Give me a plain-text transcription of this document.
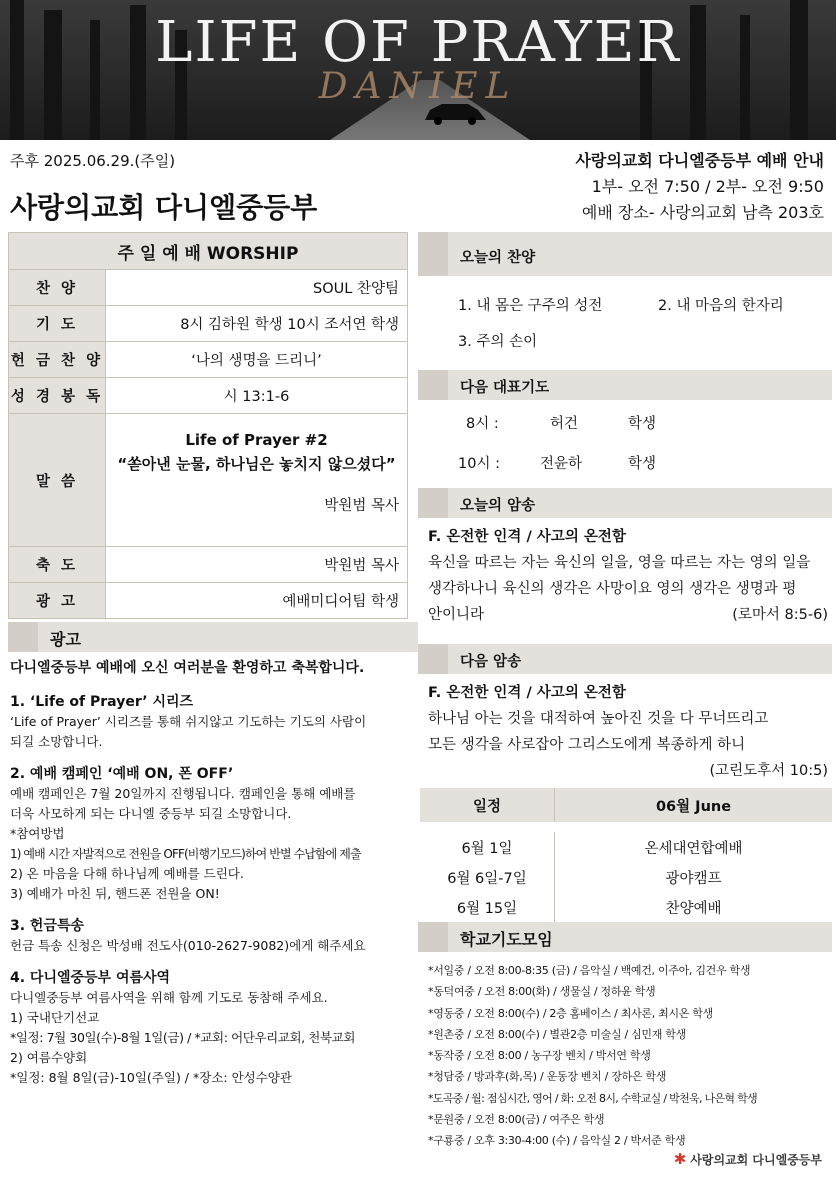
LIFE OF PRAYER
DANIEL
주후 2025.06.29.(주일)
사랑의교회 다니엘중등부
사랑의교회 다니엘중등부 예배 안내
1부- 오전 7:50 / 2부- 오전 9:50
예배 장소- 사랑의교회 남측 203호
주 일 예 배 WORSHIP	
찬 양	SOUL 찬양팀
기 도	8시 김하원 학생 10시 조서연 학생
헌 금 찬 양	‘나의 생명을 드리니’
성 경 봉 독	시 13:1-6
말 씀	Life of Prayer #2
“쏟아낸 눈물, 하나님은 놓치지 않으셨다”
박원범 목사

축 도	박원범 목사
광 고	예배미디어팀 학생
광고
다니엘중등부 예배에 오신 여러분을 환영하고 축복합니다.
1. ‘Life of Prayer’ 시리즈

‘Life of Prayer’ 시리즈를 통해 쉬지않고 기도하는 기도의 사람이

되길 소망합니다.

2. 예배 캠페인 ‘예배 ON, 폰 OFF’

예배 캠페인은 7월 20일까지 진행됩니다. 캠페인을 통해 예배를

더욱 사모하게 되는 다니엘 중등부 되길 소망합니다.

*참여방법

1) 예배 시간 자발적으로 전원을 OFF(비행기모드)하여 반별 수납함에 제출

2) 온 마음을 다해 하나님께 예배를 드린다.

3) 예배가 마친 뒤, 핸드폰 전원을 ON!

3. 헌금특송

헌금 특송 신청은 박성배 전도사(010-2627-9082)에게 해주세요

4. 다니엘중등부 여름사역

다니엘중등부 여름사역을 위해 함께 기도로 동참해 주세요.

1) 국내단기선교

*일정: 7월 30일(수)-8월 1일(금) / *교회: 어단우리교회, 천북교회

2) 여름수양회

*일정: 8월 8일(금)-10일(주일) / *장소: 안성수양관

오늘의 찬양
1. 내 몸은 구주의 성전	2. 내 마음의 한자리
3. 주의 손이
다음 대표기도
8시 :	허건	학생
10시 :	전윤하	학생
오늘의 암송
F. 온전한 인격 / 사고의 온전함
육신을 따르는 자는 육신의 일을, 영을 따르는 자는 영의 일을
생각하나니 육신의 생각은 사망이요 영의 생각은 생명과 평
안이니라	(로마서 8:5-6)
다음 암송
F. 온전한 인격 / 사고의 온전함
하나님 아는 것을 대적하여 높아진 것을 다 무너뜨리고
모든 생각을 사로잡아 그리스도에게 복종하게 하니
(고린도후서 10:5)
일정	06월 June

6월 1일	온세대연합예배
6월 6일-7일	광야캠프
6월 15일	찬양예배
학교기도모임
*서일중 / 오전 8:00-8:35 (금) / 음악실 / 백예건, 이주아, 김건우 학생
*동덕여중 / 오전 8:00(화) / 생물실 / 정하윤 학생
*영동중 / 오전 8:00(수) / 2층 홈베이스 / 최사론, 최시온 학생
*원촌중 / 오전 8:00(수) / 별관2층 미술실 / 심민재 학생
*동작중 / 오전 8:00 / 농구장 벤치 / 박서연 학생
*청담중 / 방과후(화,목) / 운동장 벤치 / 장하은 학생
*도곡중 / 월: 점심시간, 영어 / 화: 오전 8시, 수학교실 / 박천욱, 나은혁 학생
*문원중 / 오전 8:00(금) / 여주은 학생
*구룡중 / 오후 3:30-4:00 (수) / 음악실 2 / 박서준 학생
✱ 사랑의교회 다니엘중등부
